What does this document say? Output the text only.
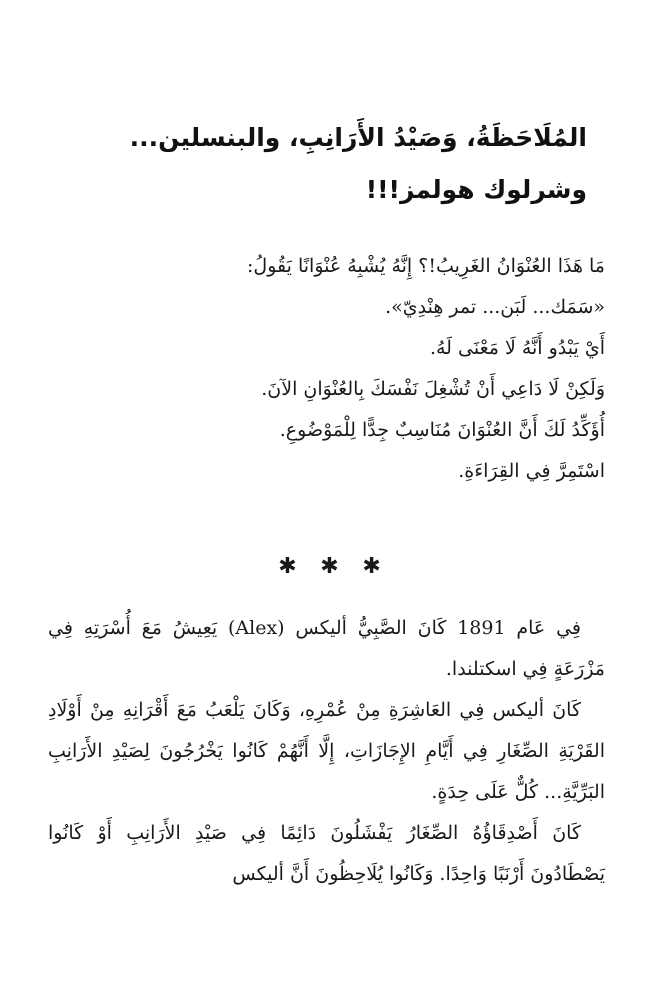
المُلَاحَظَةُ، وَصَيْدُ الأَرَانِبِ، والبنسلين...
وشرلوك هولمز!!!

مَا هَذَا العُنْوَانُ الغَرِيبُ!؟ إِنَّهُ يُشْبِهُ عُنْوَانًا يَقُولُ:

«سَمَك... لَبَن... تمر هِنْدِيّ».

أَيْ يَبْدُو أَنَّهُ لَا مَعْنَى لَهُ.

وَلَكِنْ لَا دَاعِي أَنْ تُشْغِلَ نَفْسَكَ بِالعُنْوَانِ الآنَ.

أُؤَكِّدُ لَكَ أَنَّ العُنْوَانَ مُنَاسِبٌ جِدًّا لِلْمَوْضُوعِ.

اسْتَمِرَّ فِي القِرَاءَةِ.

✱ ✱ ✱

فِي عَام 1891 كَانَ الصَّبِيُّ أليكس (Alex) يَعِيشُ مَعَ أُسْرَتِهِ فِي مَزْرَعَةٍ فِي اسكتلندا.

كَانَ أليكس فِي العَاشِرَةِ مِنْ عُمْرِهِ، وَكَانَ يَلْعَبُ مَعَ أَقْرَانِهِ مِنْ أَوْلَادِ القَرْيَةِ الصِّغَارِ فِي أَيَّامِ الإِجَازَاتِ، إِلَّا أَنَّهُمْ كَانُوا يَخْرُجُونَ لِصَيْدِ الأَرَانِبِ البَرِّيَّةِ... كُلٌّ عَلَى حِدَةٍ.

كَانَ أَصْدِقَاؤُهُ الصِّغَارُ يَفْشَلُونَ دَائِمًا فِي صَيْدِ الأَرَانِبِ أَوْ كَانُوا يَصْطَادُونَ أَرْنَبًا وَاحِدًا. وَكَانُوا يُلَاحِظُونَ أَنَّ أليكس
